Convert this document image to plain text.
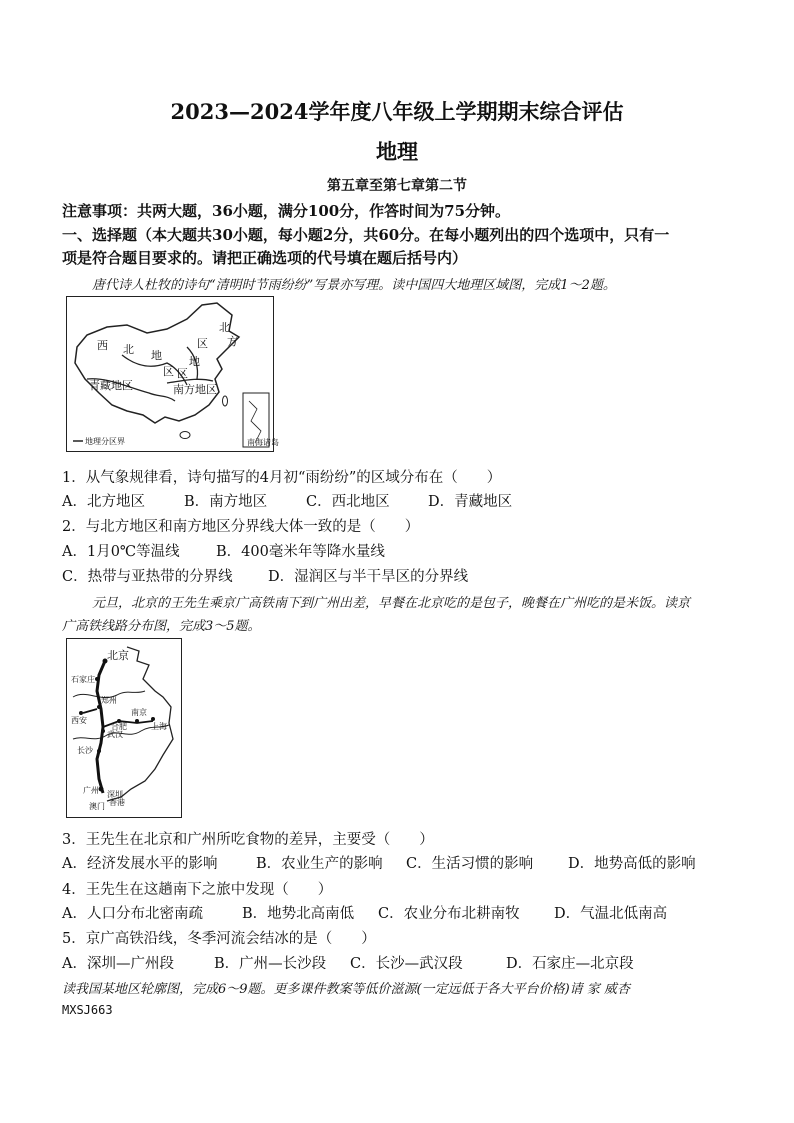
2023—2024学年度八年级上学期期末综合评估
地理
第五章至第七章第二节
注意事项：共两大题，36小题，满分100分，作答时间为75分钟。
一、选择题（本大题共30小题，每小题2分，共60分。在每小题列出的四个选项中，只有一
项是符合题目要求的。请把正确选项的代号填在题后括号内）
唐代诗人杜牧的诗句“清明时节雨纷纷”写景亦写理。读中国四大地理区域图，完成1～2题。
南海诸岛
西 北 地
区
北
方
区
地
区
青藏地区	南方地区
地理分区界
1．从气象规律看，诗句描写的4月初“雨纷纷”的区域分布在（　　）
A．北方地区	B．南方地区	C．西北地区	D．青藏地区
2．与北方地区和南方地区分界线大体一致的是（　　）
A．1月0℃等温线	B．400毫米年等降水量线
C．热带与亚热带的分界线 D．湿润区与半干旱区的分界线
元旦，北京的王先生乘京广高铁南下到广州出差，早餐在北京吃的是包子，晚餐在广州吃的是米饭。读京
广高铁线路分布图，完成3～5题。
北京
石家庄
郑州
西安
合肥
南京
上海
武汉
长沙
广州 深圳
香港
澳门
3．王先生在北京和广州所吃食物的差异，主要受（　　）
A．经济发展水平的影响	B．农业生产的影响 C．生活习惯的影响 D．地势高低的影响
4．王先生在这趟南下之旅中发现（　　）
A．人口分布北密南疏	B．地势北高南低 C．农业分布北耕南牧 D．气温北低南高
5．京广高铁沿线，冬季河流会结冰的是（　　）
A．深圳—广州段	B．广州—长沙段 C．长沙—武汉段	D．石家庄—北京段
读我国某地区轮廓图，完成6～9题。更多课件教案等低价滋源(一定远低于各大平台价格)请 家 威杏
MXSJ663
